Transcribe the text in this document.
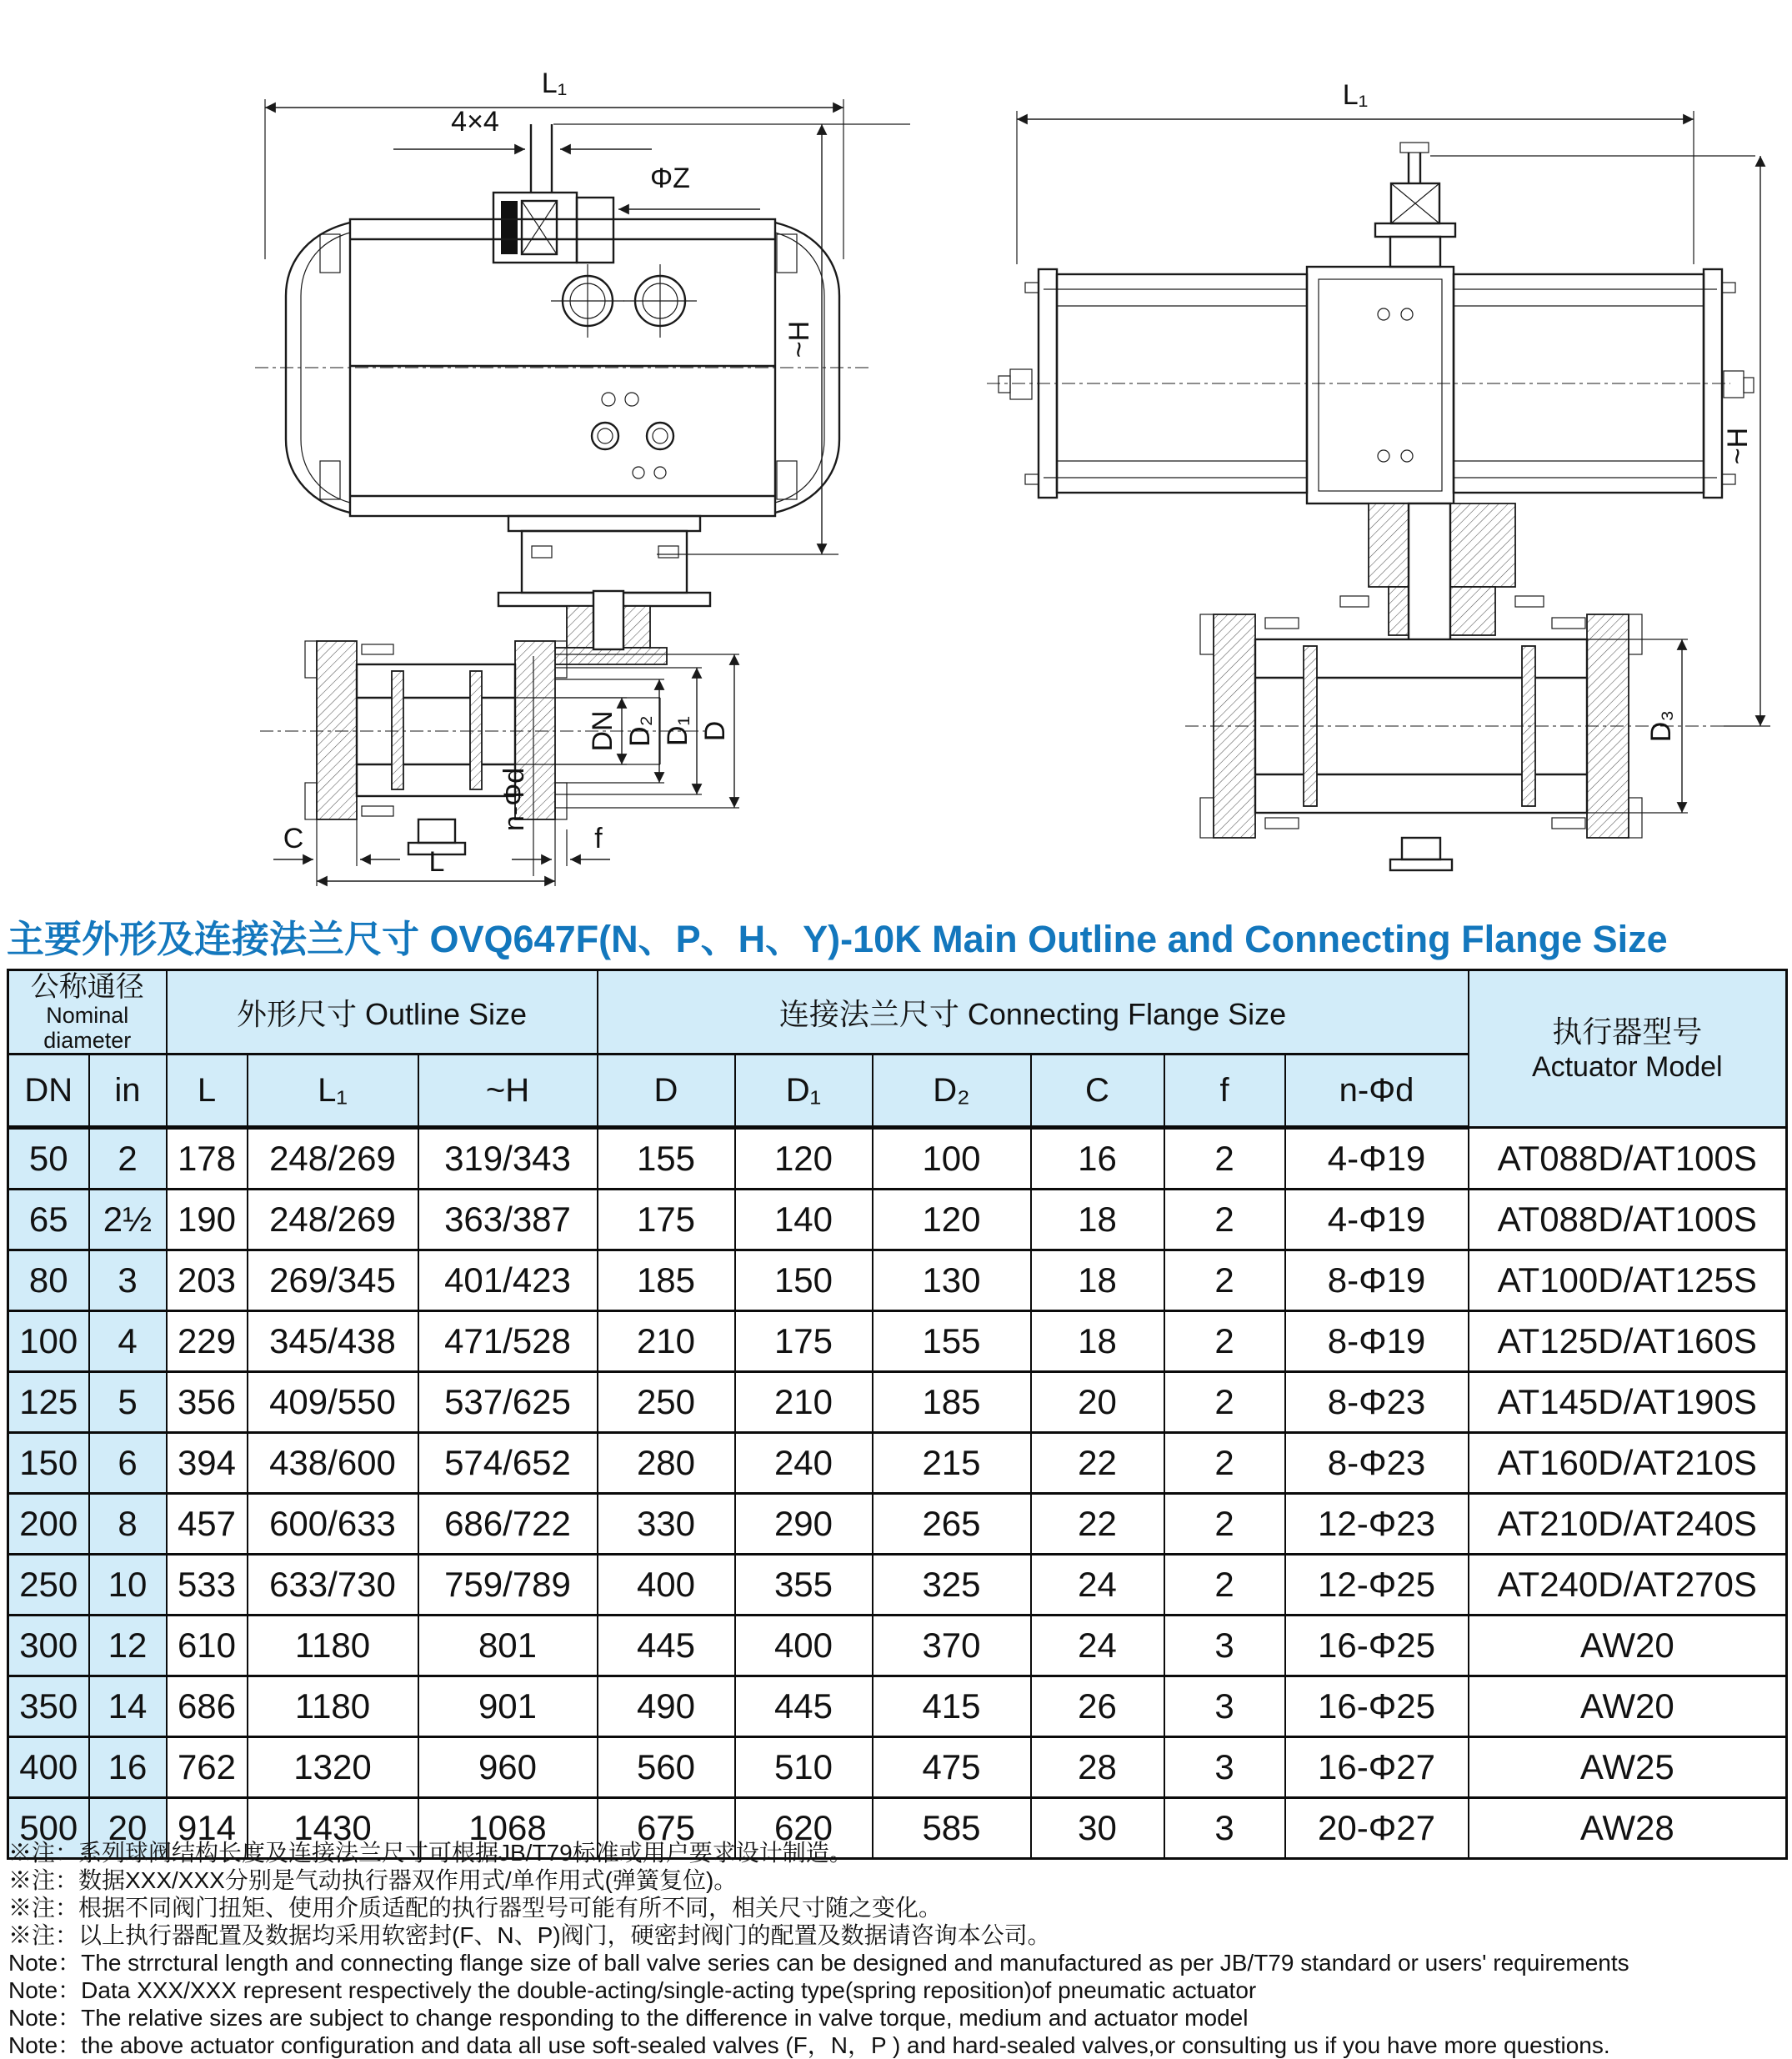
L₁
4×4
ΦZ
DN D₂ D₁ D
~H
C	f
n-Φd
L
L₁
D₃
~H
主要外形及连接法兰尺寸 OVQ647F(N、P、H、Y)-10K Main Outline and Connecting Flange Size
公称通径
Nominal diameter
	外形尺寸 Outline Size	连接法兰尺寸 Connecting Flange Size	
执行器型号
Actuator Model

DN	in	L	L₁	~H	D	D₁	D₂	C	f	n-Φd	
50	2	178	248/269	319/343	155	120	100	16	2	4-Φ19	AT088D/AT100S
65	2½	190	248/269	363/387	175	140	120	18	2	4-Φ19	AT088D/AT100S
80	3	203	269/345	401/423	185	150	130	18	2	8-Φ19	AT100D/AT125S
100	4	229	345/438	471/528	210	175	155	18	2	8-Φ19	AT125D/AT160S
125	5	356	409/550	537/625	250	210	185	20	2	8-Φ23	AT145D/AT190S
150	6	394	438/600	574/652	280	240	215	22	2	8-Φ23	AT160D/AT210S
200	8	457	600/633	686/722	330	290	265	22	2	12-Φ23	AT210D/AT240S
250	10	533	633/730	759/789	400	355	325	24	2	12-Φ25	AT240D/AT270S
300	12	610	1180	801	445	400	370	24	3	16-Φ25	AW20
350	14	686	1180	901	490	445	415	26	3	16-Φ25	AW20
400	16	762	1320	960	560	510	475	28	3	16-Φ27	AW25
500	20	914	1430	1068	675	620	585	30	3	20-Φ27	AW28
※注：系列球阀结构长度及连接法兰尺寸可根据JB/T79标准或用户要求设计制造。
※注：数据XXX/XXX分别是气动执行器双作用式/单作用式(弹簧复位)。
※注：根据不同阀门扭矩、使用介质适配的执行器型号可能有所不同，相关尺寸随之变化。
※注：以上执行器配置及数据均采用软密封(F、N、P)阀门，硬密封阀门的配置及数据请咨询本公司。
Note：The strrctural length and connecting flange size of ball valve series can be designed and manufactured as per JB/T79 standard or users' requirements
Note：Data XXX/XXX represent respectively the double-acting/single-acting type(spring reposition)of pneumatic actuator
Note：The relative sizes are subject to change responding to the difference in valve torque, medium and actuator model
Note：the above actuator configuration and data all use soft-sealed valves (F，N，P ) and hard-sealed valves,or consulting us if you have more questions.
